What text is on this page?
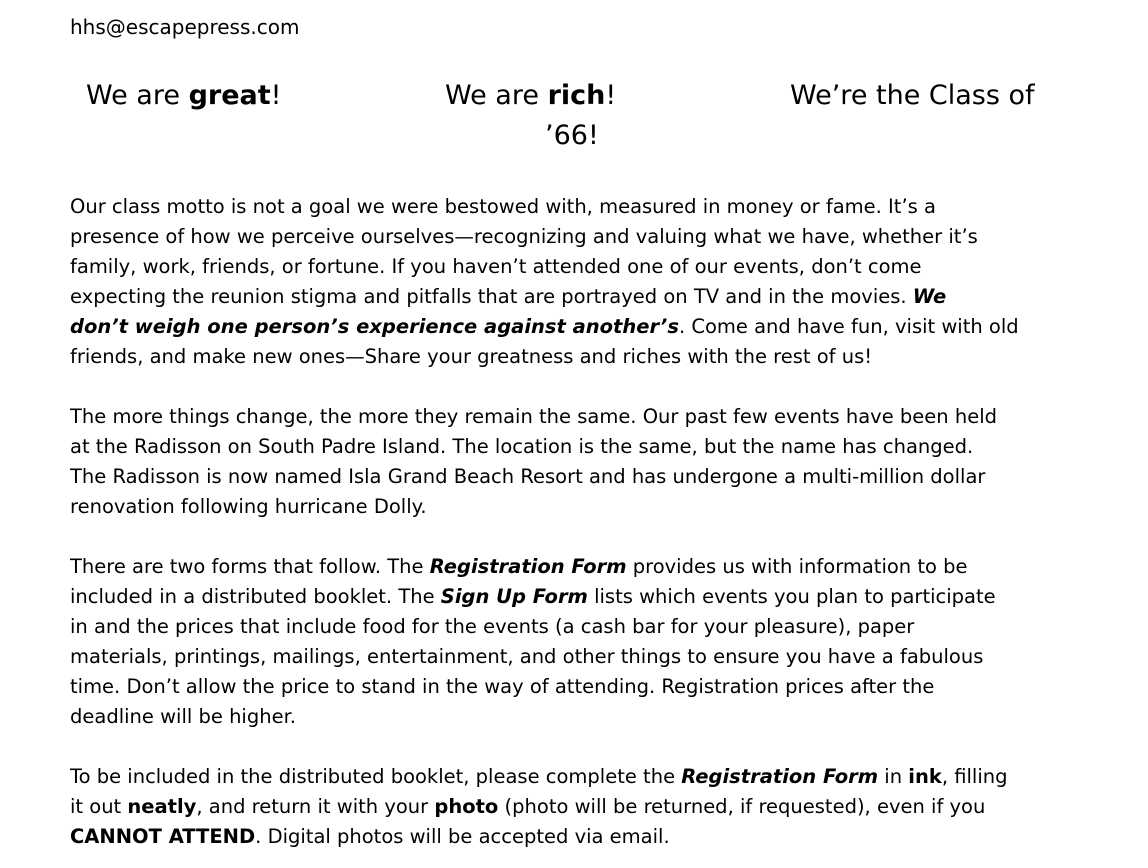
hhs@escapepress.com
We are great!	We are rich!	We’re the Class of
’66!
Our class motto is not a goal we were bestowed with, measured in money or fame. It’s a
presence of how we perceive ourselves—recognizing and valuing what we have, whether it’s
family, work, friends, or fortune. If you haven’t attended one of our events, don’t come
expecting the reunion stigma and pitfalls that are portrayed on TV and in the movies. We
don’t weigh one person’s experience against another’s. Come and have fun, visit with old
friends, and make new ones—Share your greatness and riches with the rest of us!
The more things change, the more they remain the same. Our past few events have been held
at the Radisson on South Padre Island. The location is the same, but the name has changed.
The Radisson is now named Isla Grand Beach Resort and has undergone a multi-million dollar
renovation following hurricane Dolly.
There are two forms that follow. The Registration Form provides us with information to be
included in a distributed booklet. The Sign Up Form lists which events you plan to participate
in and the prices that include food for the events (a cash bar for your pleasure), paper
materials, printings, mailings, entertainment, and other things to ensure you have a fabulous
time. Don’t allow the price to stand in the way of attending. Registration prices after the
deadline will be higher.
To be included in the distributed booklet, please complete the Registration Form in ink, filling
it out neatly, and return it with your photo (photo will be returned, if requested), even if you
CANNOT ATTEND. Digital photos will be accepted via email.
